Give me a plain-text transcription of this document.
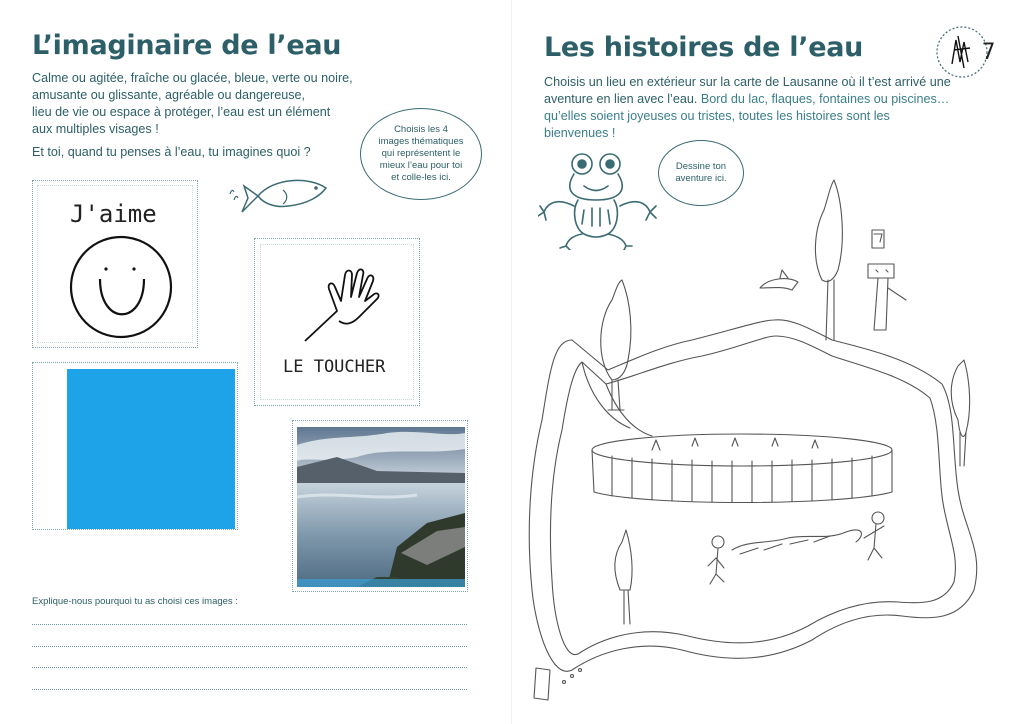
L’imaginaire de l’eau
Calme ou agitée, fraîche ou glacée, bleue, verte ou noire,
amusante ou glissante, agréable ou dangereuse,
lieu de vie ou espace à protéger, l’eau est un élément
aux multiples visages !
Et toi, quand tu penses à l’eau, tu imagines quoi ?
Choisis les 4
images thématiques
qui représentent le
mieux l’eau pour toi
et colle-les ici.
J'aime
LE TOUCHER
Explique-nous pourquoi tu as choisi ces images :
Les histoires de l’eau
Choisis un lieu en extérieur sur la carte de Lausanne où il t’est arrivé une aventure en lien avec l’eau. Bord du lac, flaques, fontaines ou piscines… qu’elles soient joyeuses ou tristes, toutes les histoires sont les bienvenues !
7
Dessine ton
aventure ici.
